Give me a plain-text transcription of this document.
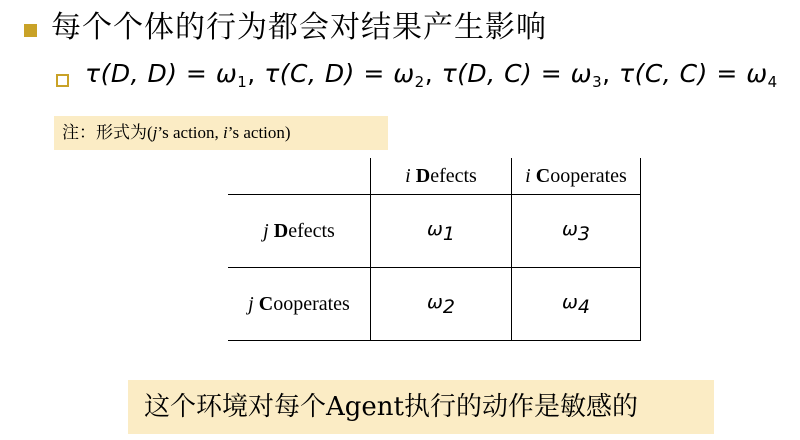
每个个体的行为都会对结果产生影响
τ(D, $D) = \omega_1$, τ(C, $D) = \omega_2$, τ(D, $C) = \omega_3$, τ(C, $C) = \omega_4$
注：形式为(j’s action, i’s action)
	i Defects	i Cooperates
j Defects	$\omega_1$	$\omega_3$
j Cooperates	$\omega_2$	$\omega_4$
这个环境对每个Agent执行的动作是敏感的
